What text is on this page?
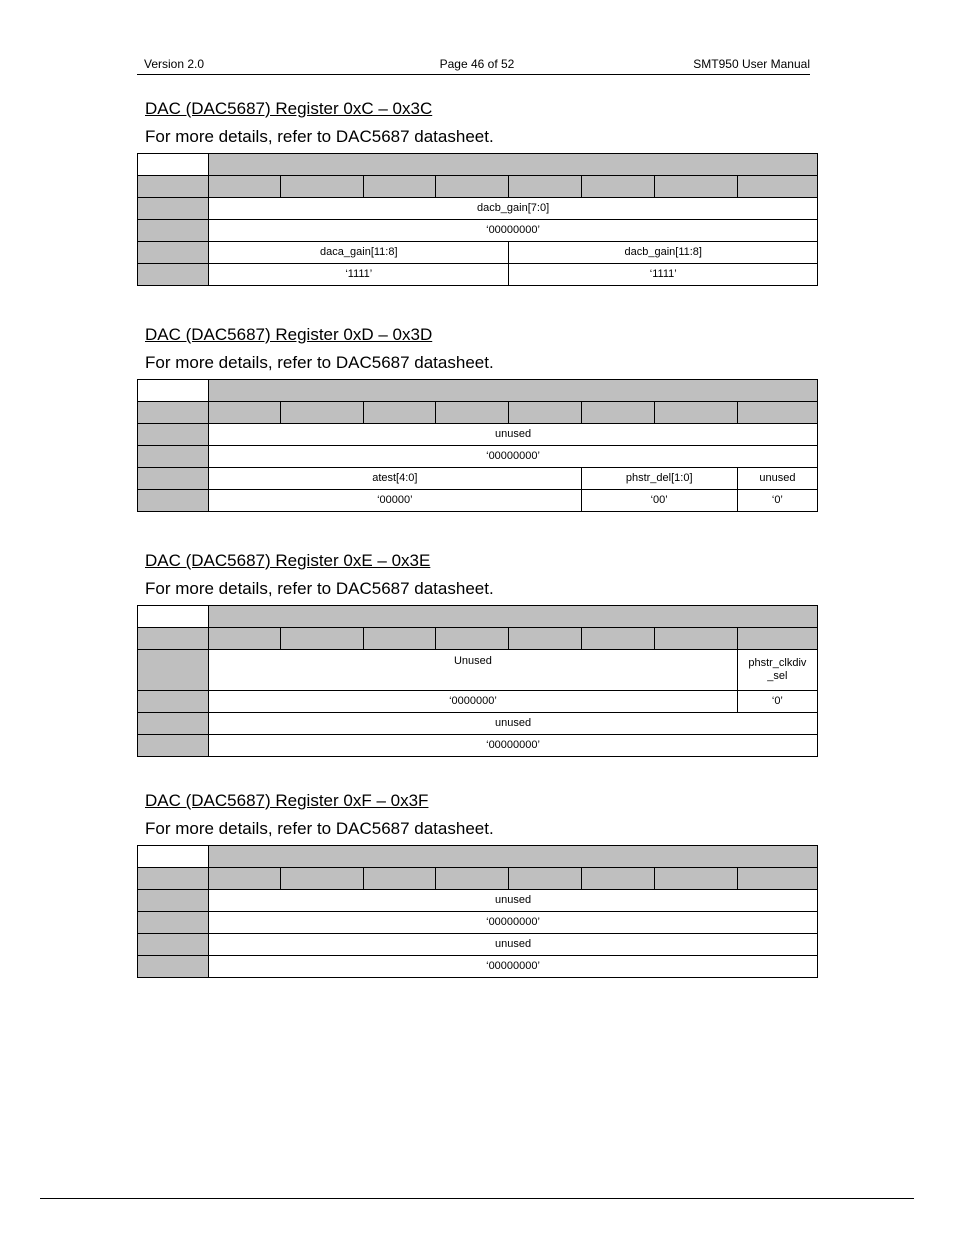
Version 2.0	Page 46 of 52	SMT950 User Manual
DAC (DAC5687) Register 0xC – 0x3C
For more details, refer to DAC5687 datasheet.

	dacb_gain[7:0]							
	‘00000000’							
	daca_gain[11:8]				dacb_gain[11:8]			
	‘1111’				‘1111’			
DAC (DAC5687) Register 0xD – 0x3D
For more details, refer to DAC5687 datasheet.

	unused							
	‘00000000’							
	atest[4:0]					phstr_del[1:0]		unused
	‘00000’					‘00’		‘0’
DAC (DAC5687) Register 0xE – 0x3E
For more details, refer to DAC5687 datasheet.

	Unused							phstr_clkdiv
_sel
	‘0000000’							‘0’
	unused							
	‘00000000’							
DAC (DAC5687) Register 0xF – 0x3F
For more details, refer to DAC5687 datasheet.

	unused							
	‘00000000’							
	unused							
	‘00000000’							
